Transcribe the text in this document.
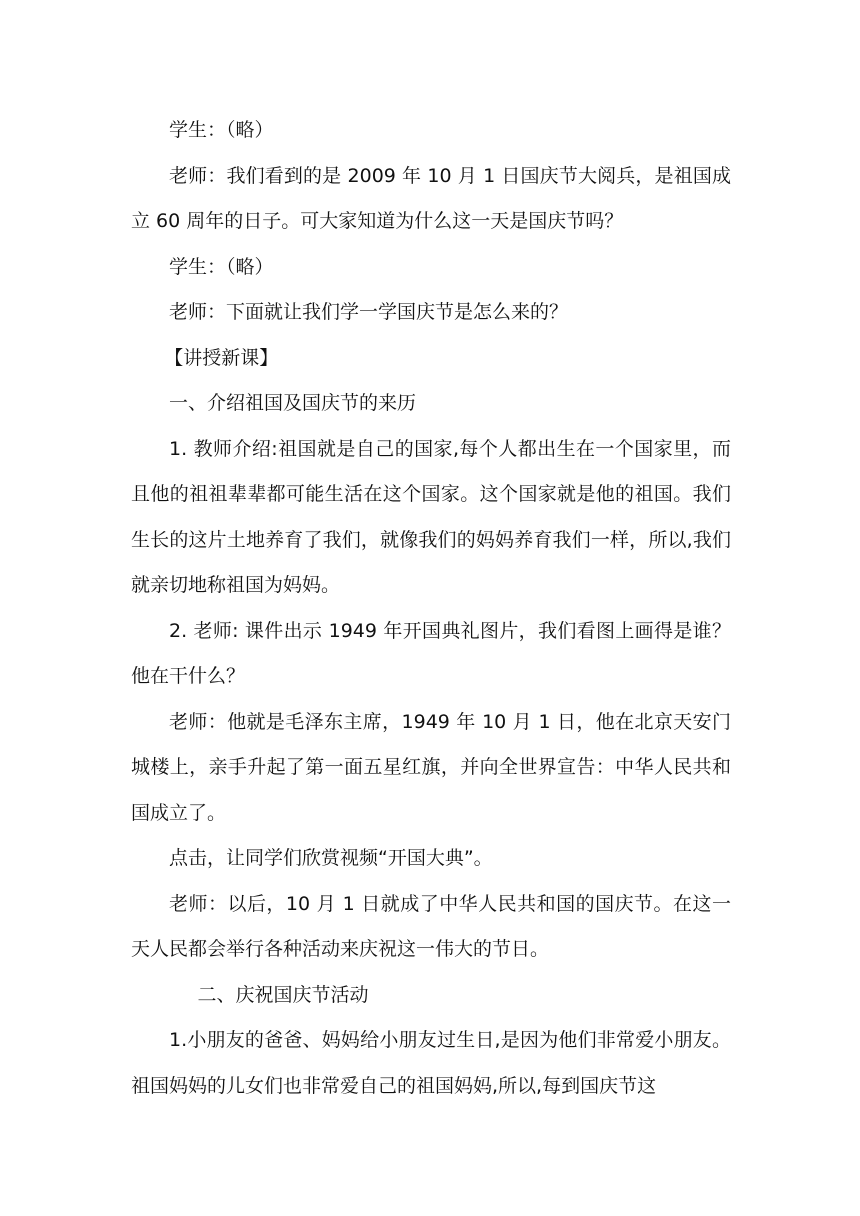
学生：（略）

老师：我们看到的是 2009 年 10 月 1 日国庆节大阅兵，是祖国成立 60 周年的日子。可大家知道为什么这一天是国庆节吗？

学生：（略）

老师：下面就让我们学一学国庆节是怎么来的？

【讲授新课】

一、介绍祖国及国庆节的来历

1. 教师介绍:祖国就是自己的国家,每个人都出生在一个国家里，而且他的祖祖辈辈都可能生活在这个国家。这个国家就是他的祖国。我们生长的这片土地养育了我们，就像我们的妈妈养育我们一样，所以,我们就亲切地称祖国为妈妈。

2. 老师: 课件出示 1949 年开国典礼图片，我们看图上画得是谁？他在干什么？

老师：他就是毛泽东主席，1949 年 10 月 1 日，他在北京天安门城楼上，亲手升起了第一面五星红旗，并向全世界宣告：中华人民共和国成立了。

点击，让同学们欣赏视频“开国大典”。

老师：以后，10 月 1 日就成了中华人民共和国的国庆节。在这一天人民都会举行各种活动来庆祝这一伟大的节日。

二、庆祝国庆节活动

1.小朋友的爸爸、妈妈给小朋友过生日,是因为他们非常爱小朋友。祖国妈妈的儿女们也非常爱自己的祖国妈妈,所以,每到国庆节这
